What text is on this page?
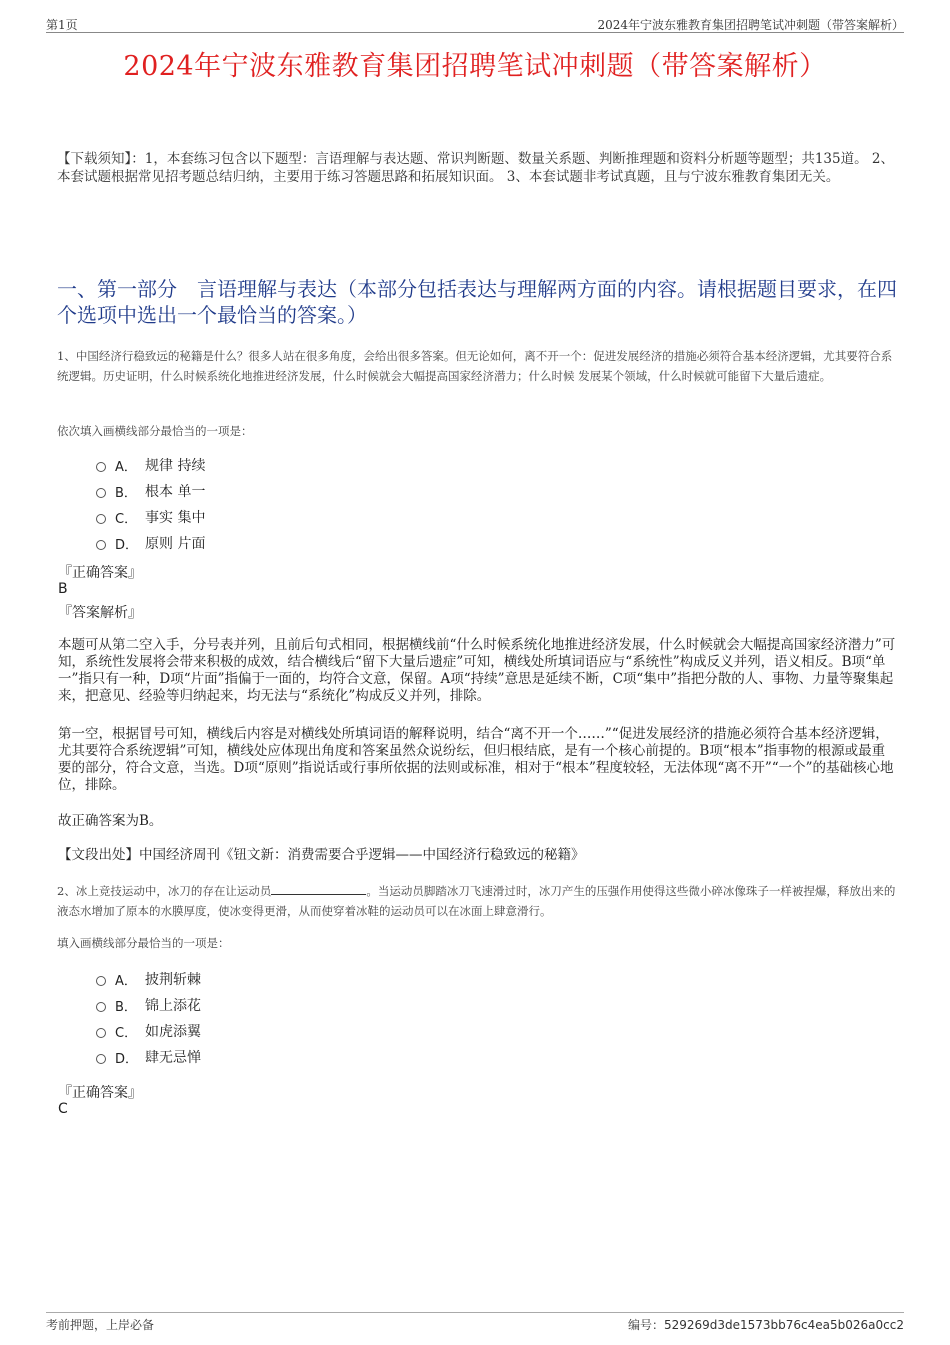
第1页	2024年宁波东雅教育集团招聘笔试冲刺题（带答案解析）
2024年宁波东雅教育集团招聘笔试冲刺题（带答案解析）
【下载须知】：1，本套练习包含以下题型：言语理解与表达题、常识判断题、数量关系题、判断推理题和资料分析题等题型；共135道。 2、本套试题根据常见招考题总结归纳，主要用于练习答题思路和拓展知识面。 3、本套试题非考试真题，且与宁波东雅教育集团无关。
一、第一部分　言语理解与表达（本部分包括表达与理解两方面的内容。请根据题目要求，在四个选项中选出一个最恰当的答案。）
1、中国经济行稳致远的秘籍是什么？很多人站在很多角度，会给出很多答案。但无论如何，离不开一个：促进发展经济的措施必须符合基本经济逻辑，尤其要符合系统逻辑。历史证明，什么时候系统化地推进经济发展，什么时候就会大幅提高国家经济潜力；什么时候 发展某个领域，什么时候就可能留下大量后遗症。
依次填入画横线部分最恰当的一项是：
A． 规律 持续
B． 根本 单一
C． 事实 集中
D． 原则 片面
『正确答案』
B
『答案解析』
本题可从第二空入手，分号表并列，且前后句式相同，根据横线前“什么时候系统化地推进经济发展，什么时候就会大幅提高国家经济潜力”可知，系统性发展将会带来积极的成效，结合横线后“留下大量后遗症”可知，横线处所填词语应与“系统性”构成反义并列，语义相反。B项“单一”指只有一种，D项“片面”指偏于一面的，均符合文意，保留。A项“持续”意思是延续不断，C项“集中”指把分散的人、事物、力量等聚集起来，把意见、经验等归纳起来，均无法与“系统化”构成反义并列，排除。
第一空，根据冒号可知，横线后内容是对横线处所填词语的解释说明，结合“离不开一个……”“促进发展经济的措施必须符合基本经济逻辑，尤其要符合系统逻辑”可知，横线处应体现出角度和答案虽然众说纷纭，但归根结底，是有一个核心前提的。B项“根本”指事物的根源或最重要的部分，符合文意，当选。D项“原则”指说话或行事所依据的法则或标准，相对于“根本”程度较轻，无法体现“离不开”“一个”的基础核心地位，排除。
故正确答案为B。
【文段出处】中国经济周刊《钮文新：消费需要合乎逻辑——中国经济行稳致远的秘籍》
2、冰上竞技运动中，冰刀的存在让运动员	。当运动员脚踏冰刀飞速滑过时，冰刀产生的压强作用使得这些微小碎冰像珠子一样被捏爆，释放出来的液态水增加了原本的水膜厚度，使冰变得更滑，从而使穿着冰鞋的运动员可以在冰面上肆意滑行。
填入画横线部分最恰当的一项是：
A． 披荆斩棘
B． 锦上添花
C． 如虎添翼
D． 肆无忌惮
『正确答案』
C
考前押题，上岸必备	编号：529269d3de1573bb76c4ea5b026a0cc2
